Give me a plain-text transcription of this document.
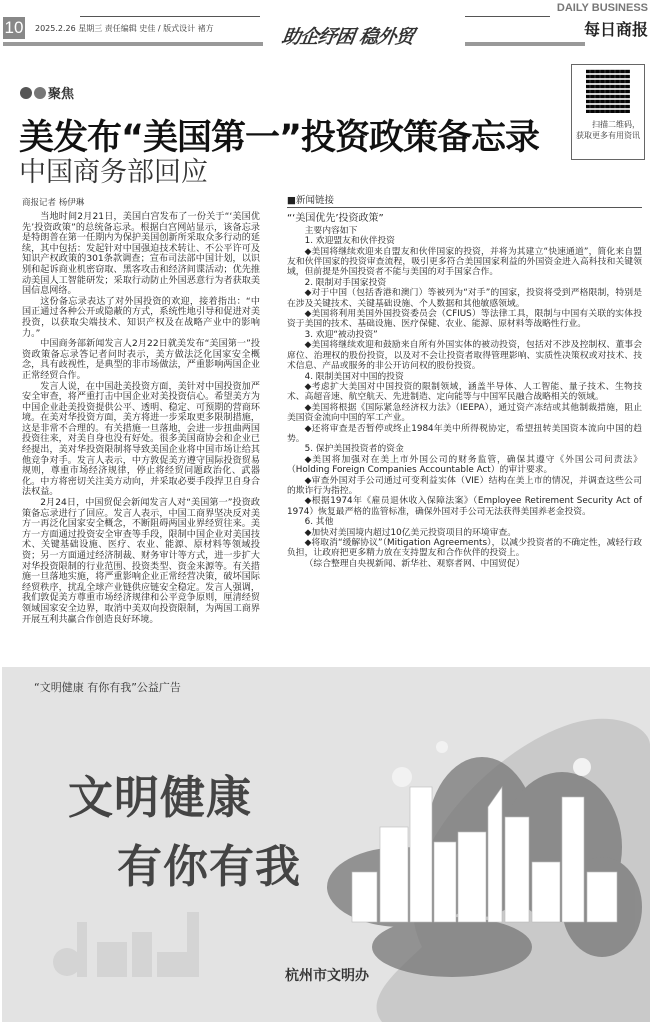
10 2025.2.26 星期三 责任编辑 史佳 / 版式设计 褚方	助企纾困 稳外贸
DAILY BUSINESS
每日商报
聚焦
美发布“美国第一”投资政策备忘录
中国商务部回应
扫描二维码，获取更多有用资讯
商报记者 杨伊琳

当地时间2月21日，美国白宫发布了一份关于“‘美国优先’投资政策”的总统备忘录。根据白宫网站显示，该备忘录是特朗普在第一任期内为保护美国创新所采取众多行动的延续，其中包括：发起针对中国强迫技术转让、不公平许可及知识产权政策的301条款调查；宣布司法部中国计划，以识别和起诉商业机密窃取、黑客攻击和经济间谍活动；优先推动美国人工智能研发；采取行动防止外国恶意行为者获取美国信息网络。

这份备忘录表达了对外国投资的欢迎，接着指出：“中国正通过各种公开或隐蔽的方式，系统性地引导和促进对美投资，以获取尖端技术、知识产权及在战略产业中的影响力。”

中国商务部新闻发言人2月22日就美发布“美国第一”投资政策备忘录答记者问时表示，美方做法泛化国家安全概念，具有歧视性，是典型的非市场做法，严重影响两国企业正常经贸合作。

发言人说，在中国赴美投资方面，美针对中国投资加严安全审查，将严重打击中国企业对美投资信心。希望美方为中国企业赴美投资提供公平、透明、稳定、可预期的营商环境。在美对华投资方面，美方将进一步采取更多限制措施，这是非常不合理的。有关措施一旦落地，会进一步扭曲两国投资往来，对美自身也没有好处。很多美国商协会和企业已经提出，美对华投资限制将导致美国企业将中国市场让给其他竞争对手。发言人表示，中方敦促美方遵守国际投资贸易规则，尊重市场经济规律，停止将经贸问题政治化、武器化。中方将密切关注美方动向，并采取必要手段捍卫自身合法权益。

2月24日，中国贸促会新闻发言人对“美国第一”投资政策备忘录进行了回应。发言人表示，中国工商界坚决反对美方一再泛化国家安全概念，不断阻碍两国业界经贸往来。美方一方面通过投资安全审查等手段，限制中国企业对美国技术、关键基础设施、医疗、农业、能源、原材料等领域投资；另一方面通过经济制裁、财务审计等方式，进一步扩大对华投资限制的行业范围、投资类型、资金来源等。有关措施一旦落地实施，将严重影响企业正常经营决策，破坏国际经贸秩序，扰乱全球产业链供应链安全稳定。发言人强调，我们敦促美方尊重市场经济规律和公平竞争原则，厘清经贸领域国家安全边界，取消中美双向投资限制，为两国工商界开展互利共赢合作创造良好环境。

■新闻链接
“‘美国优先’投资政策”
主要内容如下
1. 欢迎盟友和伙伴投资
◆美国将继续欢迎来自盟友和伙伴国家的投资，并将为其建立“快速通道”，简化来自盟友和伙伴国家的投资审查流程，吸引更多符合美国国家利益的外国资金进入高科技和关键领域，但前提是外国投资者不能与美国的对手国家合作。
2. 限制对手国家投资
◆对于中国（包括香港和澳门）等被列为“对手”的国家，投资将受到严格限制，特别是在涉及关键技术、关键基础设施、个人数据和其他敏感领域。
◆美国将利用美国外国投资委员会（CFIUS）等法律工具，限制与中国有关联的实体投资于美国的技术、基础设施、医疗保健、农业、能源、原材料等战略性行业。
3. 欢迎“被动投资”
◆美国将继续欢迎和鼓励来自所有外国实体的被动投资，包括对不涉及控制权、董事会席位、治理权的股份投资，以及对不会让投资者取得管理影响、实质性决策权或对技术、技术信息、产品或服务的非公开访问权的股份投资。
4. 限制美国对中国的投资
◆考虑扩大美国对中国投资的限制领域，涵盖半导体、人工智能、量子技术、生物技术、高超音速、航空航天、先进制造、定向能等与中国军民融合战略相关的领域。
◆美国将根据《国际紧急经济权力法》（IEEPA），通过资产冻结或其他制裁措施，阻止美国资金流向中国的军工产业。
◆还将审查是否暂停或终止1984年美中所得税协定，希望扭转美国资本流向中国的趋势。
5. 保护美国投资者的资金
◆美国将加强对在美上市外国公司的财务监管，确保其遵守《外国公司问责法》（Holding Foreign Companies Accountable Act）的审计要求。
◆审查外国对手公司通过可变利益实体（VIE）结构在美上市的情况，并调查这些公司的欺诈行为指控。
◆根据1974年《雇员退休收入保障法案》（Employee Retirement Security Act of 1974）恢复最严格的监管标准，确保外国对手公司无法获得美国养老金投资。
6. 其他
◆加快对美国境内超过10亿美元投资项目的环境审查。
◆将取消“缓解协议”（Mitigation Agreements），以减少投资者的不确定性，减轻行政负担，让政府把更多精力放在支持盟友和合作伙伴的投资上。
（综合整理自央视新闻、新华社、观察者网、中国贸促）
“文明健康 有你有我”公益广告
文明健康
有你有我
杭州市文明办
